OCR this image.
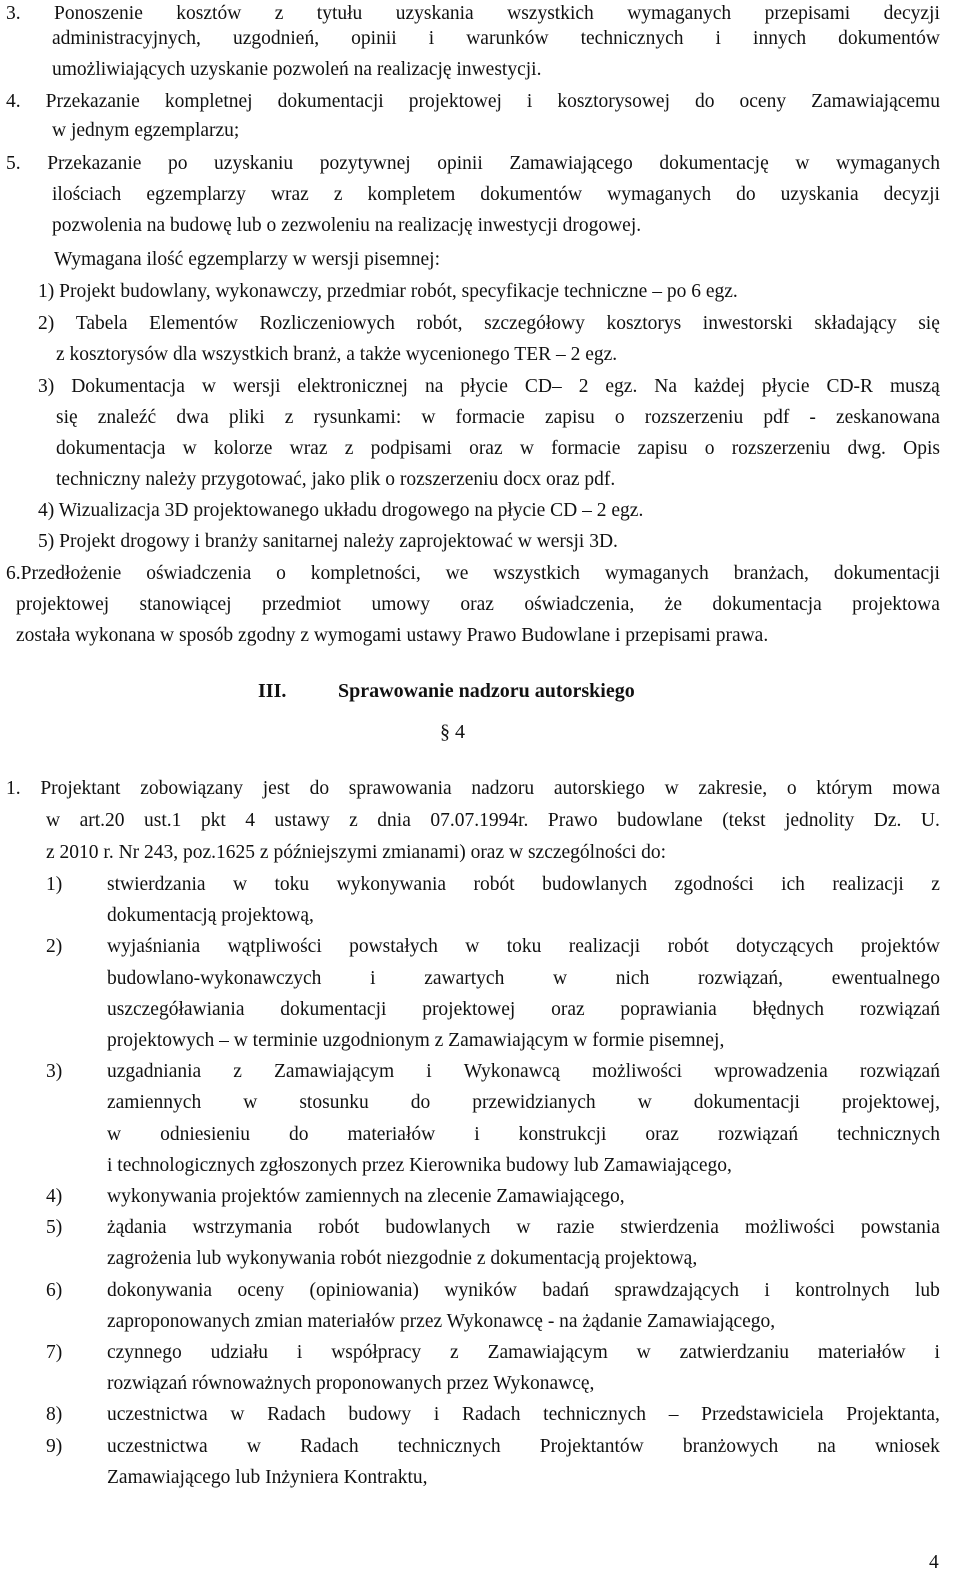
3. Ponoszenie kosztów z tytułu uzyskania wszystkich wymaganych przepisami decyzji
administracyjnych, uzgodnień, opinii i warunków technicznych i innych dokumentów
umożliwiających uzyskanie pozwoleń na realizację inwestycji.
4. Przekazanie kompletnej dokumentacji projektowej i kosztorysowej do oceny Zamawiającemu
w jednym egzemplarzu;
5. Przekazanie po uzyskaniu pozytywnej opinii Zamawiającego dokumentację w wymaganych
ilościach egzemplarzy wraz z kompletem dokumentów wymaganych do uzyskania decyzji
pozwolenia na budowę lub o zezwoleniu na realizację inwestycji drogowej.
Wymagana ilość egzemplarzy w wersji pisemnej:
1) Projekt budowlany, wykonawczy, przedmiar robót, specyfikacje techniczne – po 6 egz.
2) Tabela Elementów Rozliczeniowych robót, szczegółowy kosztorys inwestorski składający się
z kosztorysów dla wszystkich branż, a także wycenionego TER – 2 egz.
3) Dokumentacja w wersji elektronicznej na płycie CD– 2 egz. Na każdej płycie CD-R muszą
się znaleźć dwa pliki z rysunkami: w formacie zapisu o rozszerzeniu pdf - zeskanowana
dokumentacja w kolorze wraz z podpisami oraz w formacie zapisu o rozszerzeniu dwg. Opis
techniczny należy przygotować, jako plik o rozszerzeniu docx oraz pdf.
4) Wizualizacja 3D projektowanego układu drogowego na płycie CD – 2 egz.
5) Projekt drogowy i branży sanitarnej należy zaprojektować w wersji 3D.
6.Przedłożenie oświadczenia o kompletności, we wszystkich wymaganych branżach, dokumentacji
projektowej stanowiącej przedmiot umowy oraz oświadczenia, że dokumentacja projektowa
została wykonana w sposób zgodny z wymogami ustawy Prawo Budowlane i przepisami prawa.
1. Projektant zobowiązany jest do sprawowania nadzoru autorskiego w zakresie, o którym mowa
w art.20 ust.1 pkt 4 ustawy z dnia 07.07.1994r. Prawo budowlane (tekst jednolity Dz. U.
z 2010 r. Nr 243, poz.1625 z późniejszymi zmianami) oraz w szczególności do:
1) stwierdzania w toku wykonywania robót budowlanych zgodności ich realizacji z
dokumentacją projektową,
2) wyjaśniania wątpliwości powstałych w toku realizacji robót dotyczących projektów
budowlano-wykonawczych i zawartych w nich rozwiązań, ewentualnego
uszczegóławiania dokumentacji projektowej oraz poprawiania błędnych rozwiązań
projektowych – w terminie uzgodnionym z Zamawiającym w formie pisemnej,
3) uzgadniania z Zamawiającym i Wykonawcą możliwości wprowadzenia rozwiązań
zamiennych w stosunku do przewidzianych w dokumentacji projektowej,
w odniesieniu do materiałów i konstrukcji oraz rozwiązań technicznych
i technologicznych zgłoszonych przez Kierownika budowy lub Zamawiającego,
4) wykonywania projektów zamiennych na zlecenie Zamawiającego,
5) żądania wstrzymania robót budowlanych w razie stwierdzenia możliwości powstania
zagrożenia lub wykonywania robót niezgodnie z dokumentacją projektową,
6) dokonywania oceny (opiniowania) wyników badań sprawdzających i kontrolnych lub
zaproponowanych zmian materiałów przez Wykonawcę - na żądanie Zamawiającego,
7) czynnego udziału i współpracy z Zamawiającym w zatwierdzaniu materiałów i
rozwiązań równoważnych proponowanych przez Wykonawcę,
8) uczestnictwa w Radach budowy i Radach technicznych – Przedstawiciela Projektanta,
9) uczestnictwa w Radach technicznych Projektantów branżowych na wniosek
Zamawiającego lub Inżyniera Kontraktu,
III.	Sprawowanie nadzoru autorskiego
§ 4
4
